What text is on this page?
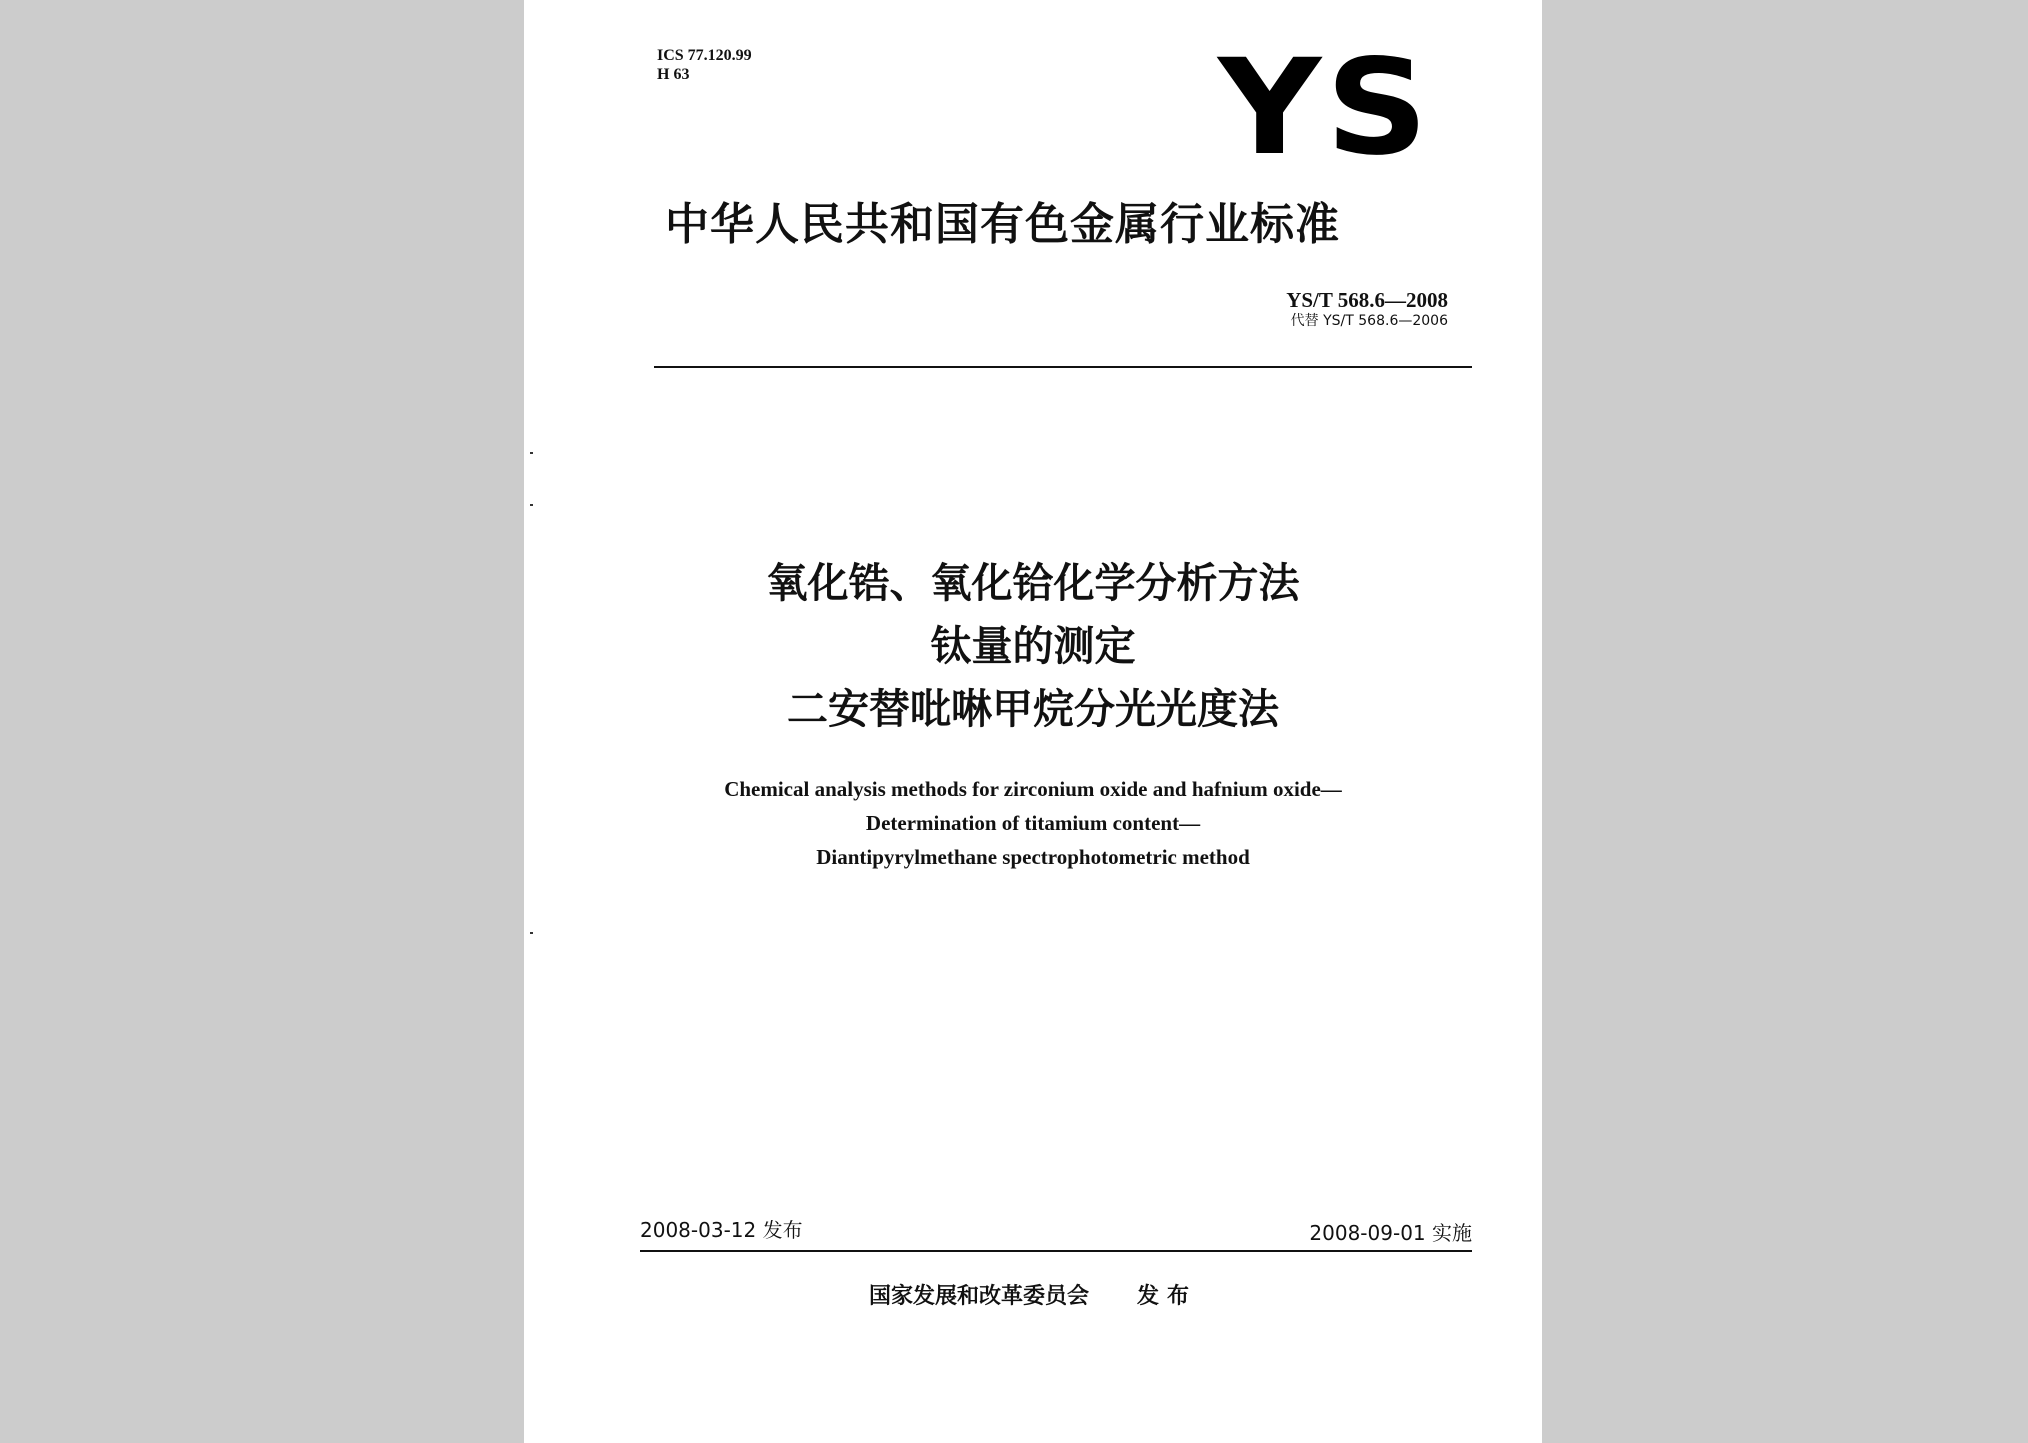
ICS 77.120.99
H 63	YS
中华人民共和国有色金属行业标准
YS/T 568.6—2008
代替 YS/T 568.6—2006
氧化锆、氧化铪化学分析方法
钛量的测定
二安替吡啉甲烷分光光度法
Chemical analysis methods for zirconium oxide and hafnium oxide—
Determination of titamium content—
Diantipyrylmethane spectrophotometric method
2008-03-12 发布	2008-09-01 实施
国家发展和改革委员会 发布
